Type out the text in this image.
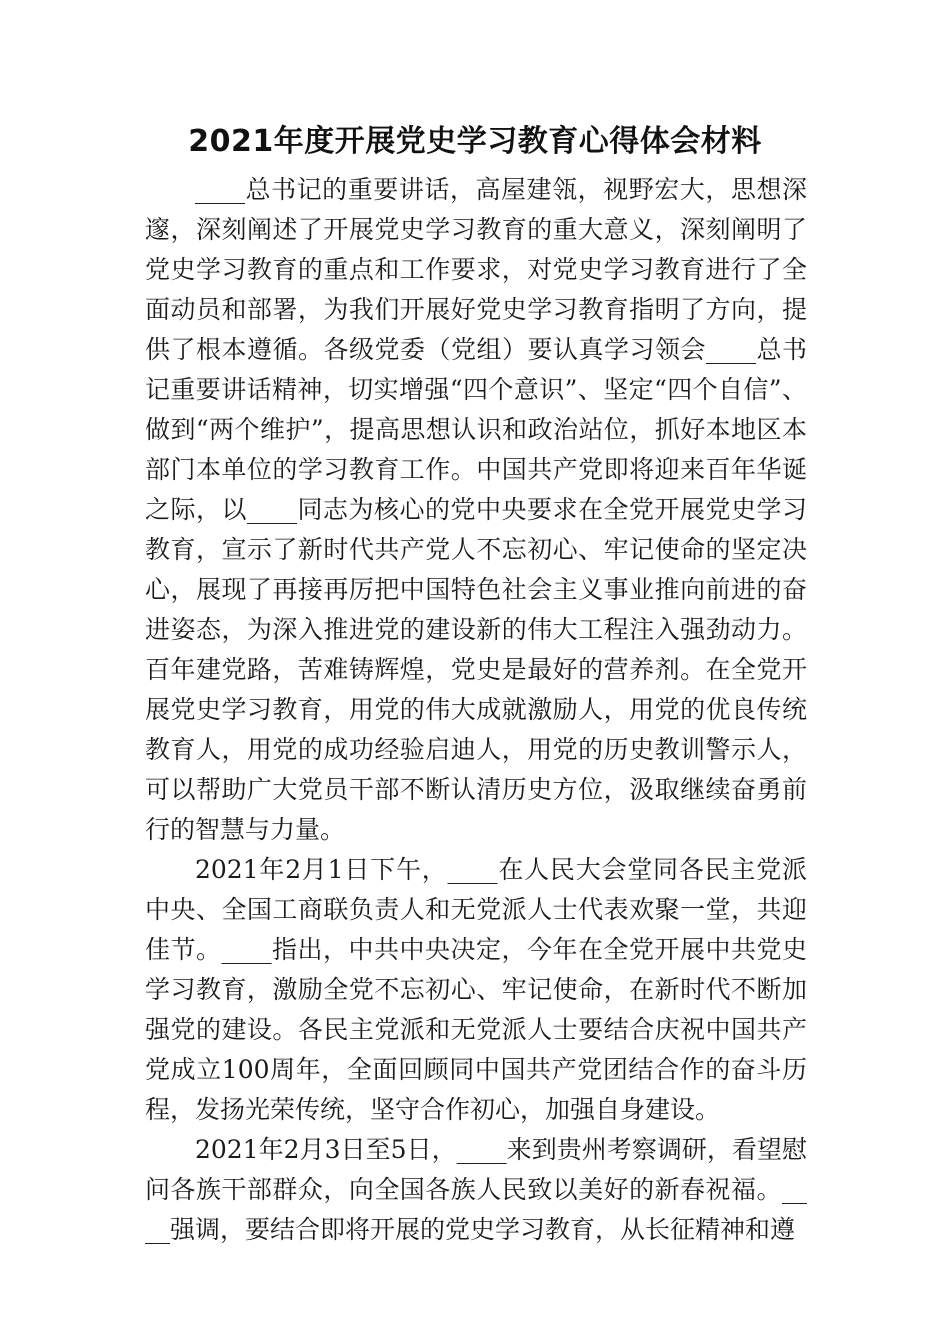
2021年度开展党史学习教育心得体会材料

____总书记的重要讲话，高屋建瓴，视野宏大，思想深邃，深刻阐述了开展党史学习教育的重大意义，深刻阐明了党史学习教育的重点和工作要求，对党史学习教育进行了全面动员和部署，为我们开展好党史学习教育指明了方向，提供了根本遵循。各级党委（党组）要认真学习领会____总书记重要讲话精神，切实增强“四个意识”、坚定“四个自信”、做到“两个维护”，提高思想认识和政治站位，抓好本地区本部门本单位的学习教育工作。中国共产党即将迎来百年华诞之际，以____同志为核心的党中央要求在全党开展党史学习教育，宣示了新时代共产党人不忘初心、牢记使命的坚定决心，展现了再接再厉把中国特色社会主义事业推向前进的奋进姿态，为深入推进党的建设新的伟大工程注入强劲动力。百年建党路，苦难铸辉煌，党史是最好的营养剂。在全党开展党史学习教育，用党的伟大成就激励人，用党的优良传统教育人，用党的成功经验启迪人，用党的历史教训警示人，可以帮助广大党员干部不断认清历史方位，汲取继续奋勇前行的智慧与力量。

2021年2月1日下午，____在人民大会堂同各民主党派中央、全国工商联负责人和无党派人士代表欢聚一堂，共迎佳节。____指出，中共中央决定，今年在全党开展中共党史学习教育，激励全党不忘初心、牢记使命，在新时代不断加强党的建设。各民主党派和无党派人士要结合庆祝中国共产党成立100周年，全面回顾同中国共产党团结合作的奋斗历程，发扬光荣传统，坚守合作初心，加强自身建设。

2021年2月3日至5日，____来到贵州考察调研，看望慰问各族干部群众，向全国各族人民致以美好的新春祝福。____强调，要结合即将开展的党史学习教育，从长征精神和遵
